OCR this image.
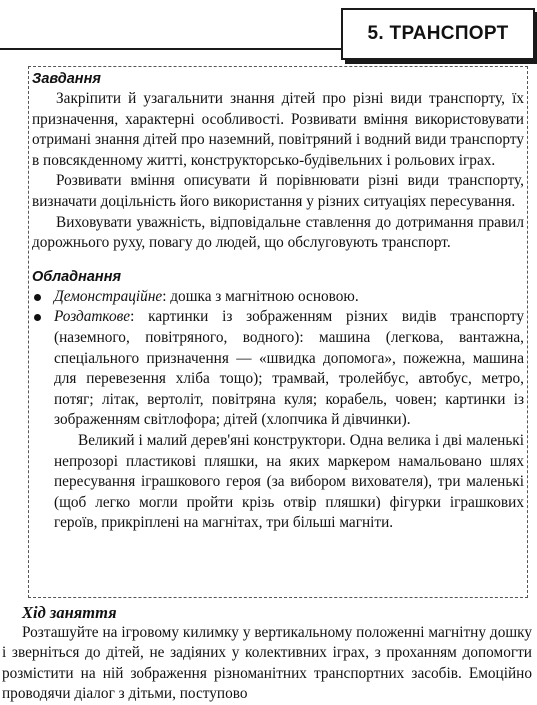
5. ТРАНСПОРТ
Завдання

Закріпити й узагальнити знання дітей про різні види транспорту, їх призначення, характерні особливості. Розвивати вміння використовувати отримані знання дітей про наземний, повітряний і водний види транспорту в повсякденному житті, конструкторсько-будівельних і рольових іграх.

Розвивати вміння описувати й порівнювати різні види транспорту, визначати доцільність його використання у різних ситуаціях пересування.

Виховувати уважність, відповідальне ставлення до дотримання правил дорожнього руху, повагу до людей, що обслуговують транспорт.

Обладнання
Демонстраційне: дошка з магнітною основою.
Роздаткове: картинки із зображенням різних видів транспорту (наземного, повітряного, водного): машина (легкова, вантажна, спеціального призначення — «швидка допомога», пожежна, машина для перевезення хліба тощо); трамвай, тролейбус, автобус, метро, потяг; літак, вертоліт, повітряна куля; корабель, човен; картинки із зображенням світлофора; дітей (хлопчика й дівчинки).

Великий і малий дерев'яні конструктори. Одна велика і дві маленькі непрозорі пластикові пляшки, на яких маркером намальовано шлях пересування іграшкового героя (за вибором вихователя), три маленькі (щоб легко могли пройти крізь отвір пляшки) фігурки іграшкових героїв, прикріплені на магнітах, три більші магніти.

Хід заняття

Розташуйте на ігровому килимку у вертикальному положенні магнітну дошку і зверніться до дітей, не задіяних у колективних іграх, з проханням допомогти розмістити на ній зображення різноманітних транспортних засобів. Емоційно проводячи діалог з дітьми, поступово
